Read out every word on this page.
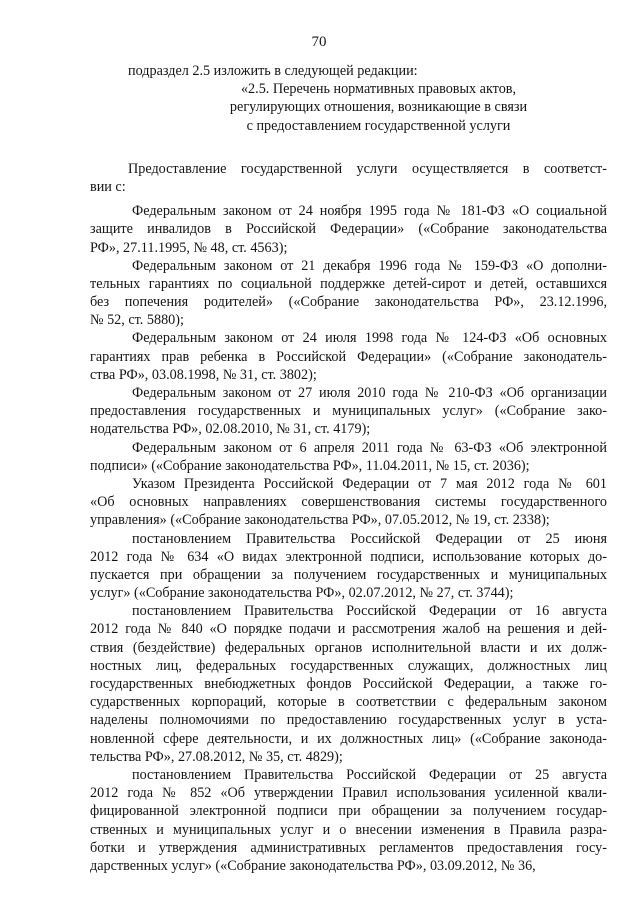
70
подраздел 2.5 изложить в следующей редакции:
«2.5. Перечень нормативных правовых актов,
регулирующих отношения, возникающие в связи
с предоставлением государственной услуги
Предоставление государственной услуги осуществляется в соответст-
вии с:
Федеральным законом от 24 ноября 1995 года № 181-ФЗ «О социальной
защите инвалидов в Российской Федерации» («Собрание законодательства
РФ», 27.11.1995, № 48, ст. 4563);
Федеральным законом от 21 декабря 1996 года № 159-ФЗ «О дополни-
тельных гарантиях по социальной поддержке детей-сирот и детей, оставшихся
без попечения родителей» («Собрание законодательства РФ», 23.12.1996,
№ 52, ст. 5880);
Федеральным законом от 24 июля 1998 года № 124-ФЗ «Об основных
гарантиях прав ребенка в Российской Федерации» («Собрание законодатель-
ства РФ», 03.08.1998, № 31, ст. 3802);
Федеральным законом от 27 июля 2010 года № 210-ФЗ «Об организации
предоставления государственных и муниципальных услуг» («Собрание зако-
нодательства РФ», 02.08.2010, № 31, ст. 4179);
Федеральным законом от 6 апреля 2011 года № 63-ФЗ «Об электронной
подписи» («Собрание законодательства РФ», 11.04.2011, № 15, ст. 2036);
Указом Президента Российской Федерации от 7 мая 2012 года № 601
«Об основных направлениях совершенствования системы государственного
управления» («Собрание законодательства РФ», 07.05.2012, № 19, ст. 2338);
постановлением Правительства Российской Федерации от 25 июня
2012 года № 634 «О видах электронной подписи, использование которых до-
пускается при обращении за получением государственных и муниципальных
услуг» («Собрание законодательства РФ», 02.07.2012, № 27, ст. 3744);
постановлением Правительства Российской Федерации от 16 августа
2012 года № 840 «О порядке подачи и рассмотрения жалоб на решения и дей-
ствия (бездействие) федеральных органов исполнительной власти и их долж-
ностных лиц, федеральных государственных служащих, должностных лиц
государственных внебюджетных фондов Российской Федерации, а также го-
сударственных корпораций, которые в соответствии с федеральным законом
наделены полномочиями по предоставлению государственных услуг в уста-
новленной сфере деятельности, и их должностных лиц» («Собрание законода-
тельства РФ», 27.08.2012, № 35, ст. 4829);
постановлением Правительства Российской Федерации от 25 августа
2012 года № 852 «Об утверждении Правил использования усиленной квали-
фицированной электронной подписи при обращении за получением государ-
ственных и муниципальных услуг и о внесении изменения в Правила разра-
ботки и утверждения административных регламентов предоставления госу-
дарственных услуг» («Собрание законодательства РФ», 03.09.2012, № 36,
